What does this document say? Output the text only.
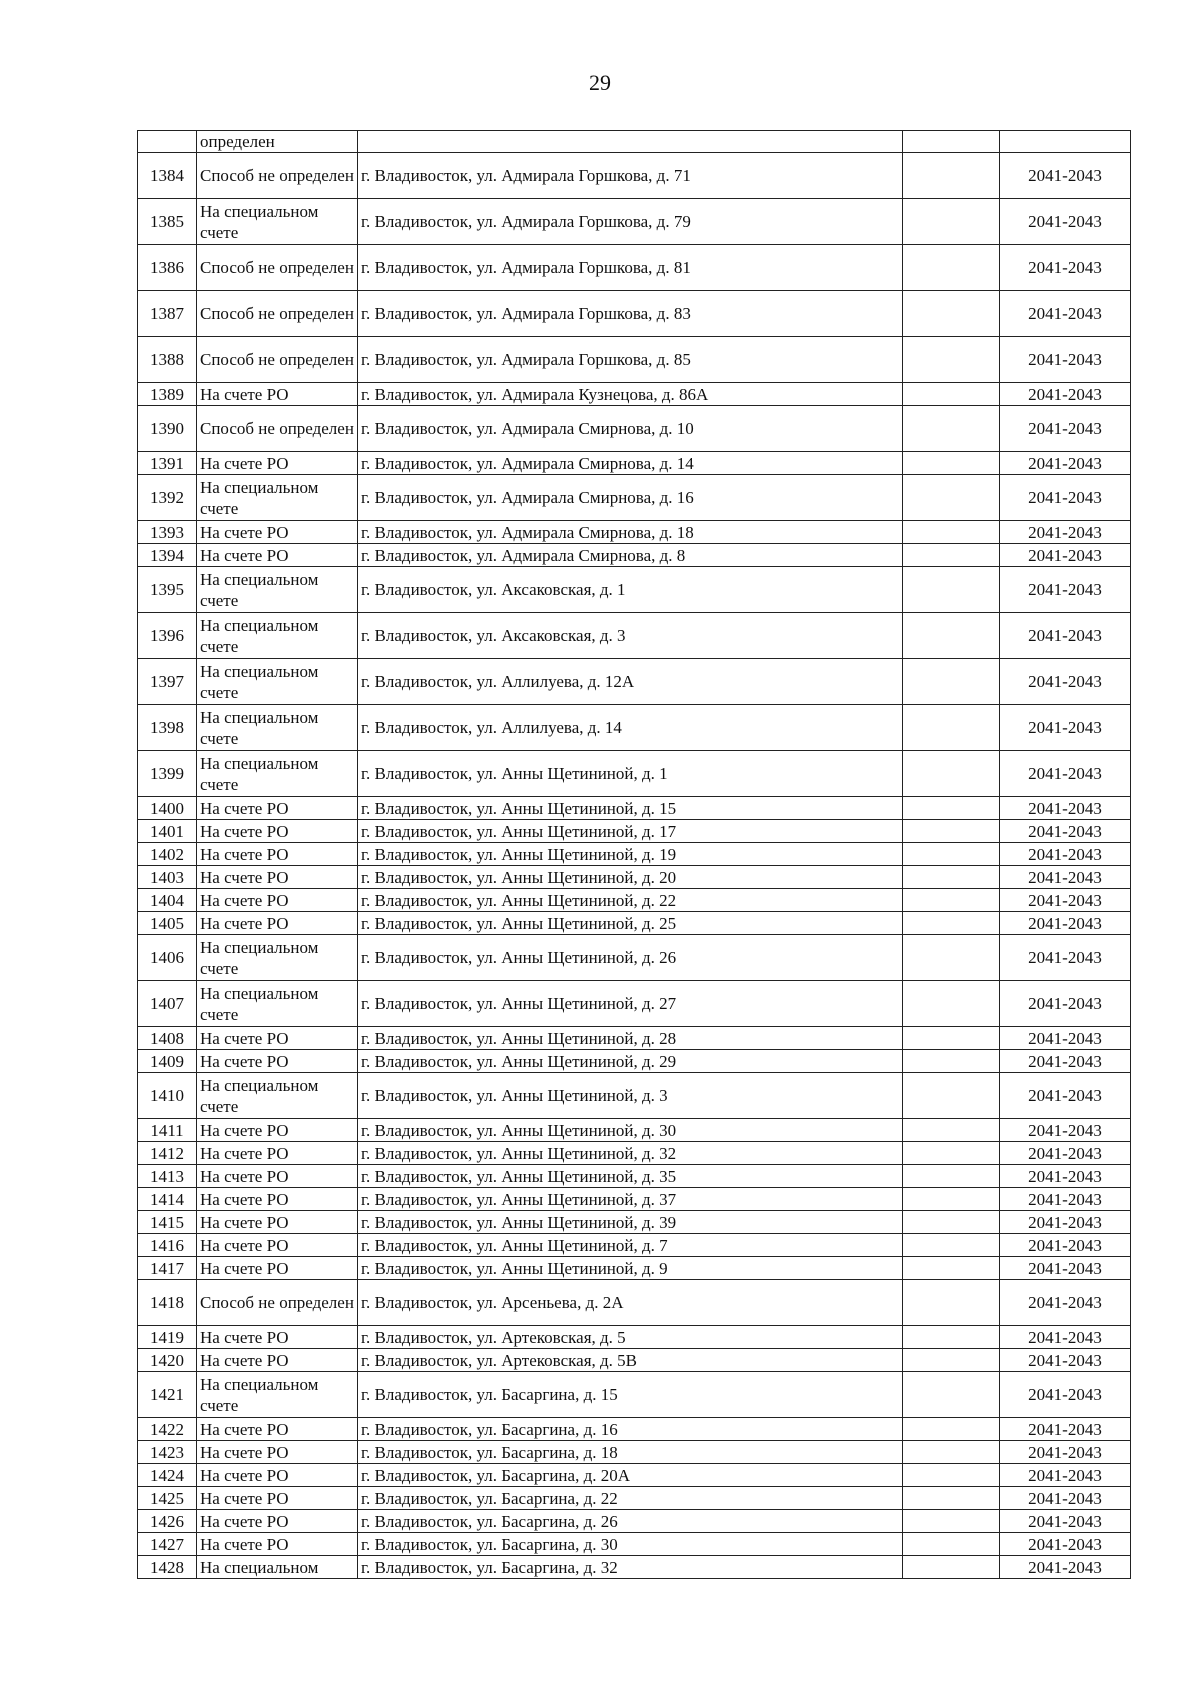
29
	определен			
1384	Способ не определен	г. Владивосток, ул. Адмирала Горшкова, д. 71		2041-2043
1385	На специальном счете	г. Владивосток, ул. Адмирала Горшкова, д. 79		2041-2043
1386	Способ не определен	г. Владивосток, ул. Адмирала Горшкова, д. 81		2041-2043
1387	Способ не определен	г. Владивосток, ул. Адмирала Горшкова, д. 83		2041-2043
1388	Способ не определен	г. Владивосток, ул. Адмирала Горшкова, д. 85		2041-2043
1389	На счете РО	г. Владивосток, ул. Адмирала Кузнецова, д. 86А		2041-2043
1390	Способ не определен	г. Владивосток, ул. Адмирала Смирнова, д. 10		2041-2043
1391	На счете РО	г. Владивосток, ул. Адмирала Смирнова, д. 14		2041-2043
1392	На специальном счете	г. Владивосток, ул. Адмирала Смирнова, д. 16		2041-2043
1393	На счете РО	г. Владивосток, ул. Адмирала Смирнова, д. 18		2041-2043
1394	На счете РО	г. Владивосток, ул. Адмирала Смирнова, д. 8		2041-2043
1395	На специальном счете	г. Владивосток, ул. Аксаковская, д. 1		2041-2043
1396	На специальном счете	г. Владивосток, ул. Аксаковская, д. 3		2041-2043
1397	На специальном счете	г. Владивосток, ул. Аллилуева, д. 12А		2041-2043
1398	На специальном счете	г. Владивосток, ул. Аллилуева, д. 14		2041-2043
1399	На специальном счете	г. Владивосток, ул. Анны Щетининой, д. 1		2041-2043
1400	На счете РО	г. Владивосток, ул. Анны Щетининой, д. 15		2041-2043
1401	На счете РО	г. Владивосток, ул. Анны Щетининой, д. 17		2041-2043
1402	На счете РО	г. Владивосток, ул. Анны Щетининой, д. 19		2041-2043
1403	На счете РО	г. Владивосток, ул. Анны Щетининой, д. 20		2041-2043
1404	На счете РО	г. Владивосток, ул. Анны Щетининой, д. 22		2041-2043
1405	На счете РО	г. Владивосток, ул. Анны Щетининой, д. 25		2041-2043
1406	На специальном счете	г. Владивосток, ул. Анны Щетининой, д. 26		2041-2043
1407	На специальном счете	г. Владивосток, ул. Анны Щетининой, д. 27		2041-2043
1408	На счете РО	г. Владивосток, ул. Анны Щетининой, д. 28		2041-2043
1409	На счете РО	г. Владивосток, ул. Анны Щетининой, д. 29		2041-2043
1410	На специальном счете	г. Владивосток, ул. Анны Щетининой, д. 3		2041-2043
1411	На счете РО	г. Владивосток, ул. Анны Щетининой, д. 30		2041-2043
1412	На счете РО	г. Владивосток, ул. Анны Щетининой, д. 32		2041-2043
1413	На счете РО	г. Владивосток, ул. Анны Щетининой, д. 35		2041-2043
1414	На счете РО	г. Владивосток, ул. Анны Щетининой, д. 37		2041-2043
1415	На счете РО	г. Владивосток, ул. Анны Щетининой, д. 39		2041-2043
1416	На счете РО	г. Владивосток, ул. Анны Щетининой, д. 7		2041-2043
1417	На счете РО	г. Владивосток, ул. Анны Щетининой, д. 9		2041-2043
1418	Способ не определен	г. Владивосток, ул. Арсеньева, д. 2А		2041-2043
1419	На счете РО	г. Владивосток, ул. Артековская, д. 5		2041-2043
1420	На счете РО	г. Владивосток, ул. Артековская, д. 5В		2041-2043
1421	На специальном счете	г. Владивосток, ул. Басаргина, д. 15		2041-2043
1422	На счете РО	г. Владивосток, ул. Басаргина, д. 16		2041-2043
1423	На счете РО	г. Владивосток, ул. Басаргина, д. 18		2041-2043
1424	На счете РО	г. Владивосток, ул. Басаргина, д. 20А		2041-2043
1425	На счете РО	г. Владивосток, ул. Басаргина, д. 22		2041-2043
1426	На счете РО	г. Владивосток, ул. Басаргина, д. 26		2041-2043
1427	На счете РО	г. Владивосток, ул. Басаргина, д. 30		2041-2043
1428	На специальном	г. Владивосток, ул. Басаргина, д. 32		2041-2043
